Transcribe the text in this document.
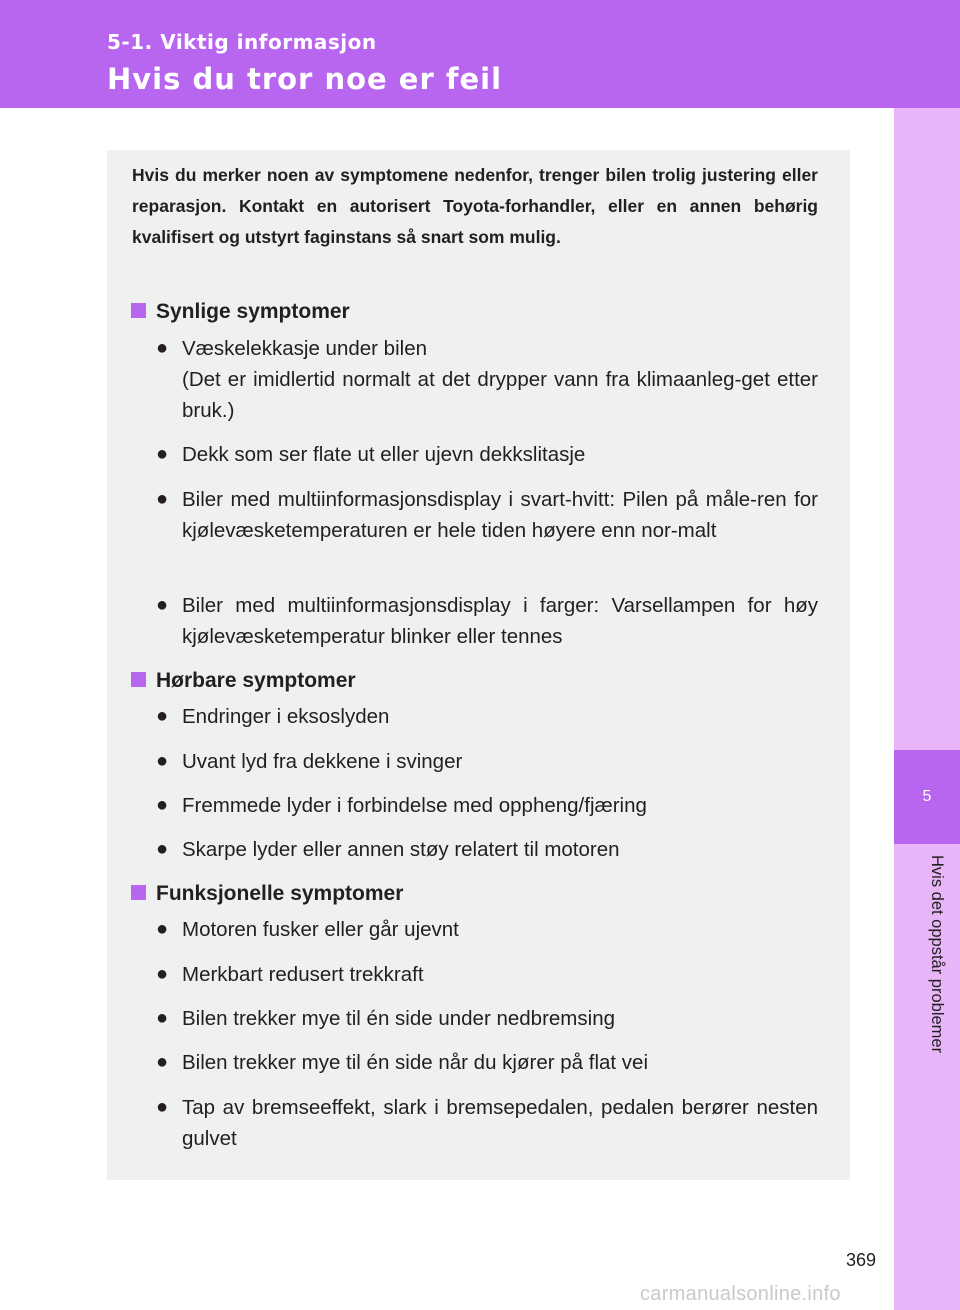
5-1. Viktig informasjon
Hvis du tror noe er feil
5
Hvis det oppstår problemer

Hvis du merker noen av symptomene nedenfor, trenger bilen trolig justering eller reparasjon. Kontakt en autorisert Toyota-forhandler, eller en annen behørig kvalifisert og utstyrt faginstans så snart som mulig.

Synlige symptomer
● Væskelekkasje under bilen
(Det er imidlertid normalt at det drypper vann fra klimaanleg-get etter bruk.)
● Dekk som ser flate ut eller ujevn dekkslitasje
● Biler med multiinformasjonsdisplay i svart-hvitt: Pilen på måle-ren for kjølevæsketemperaturen er hele tiden høyere enn nor-malt
● Biler med multiinformasjonsdisplay i farger: Varsellampen for høy kjølevæsketemperatur blinker eller tennes
Hørbare symptomer
● Endringer i eksoslyden
● Uvant lyd fra dekkene i svinger
● Fremmede lyder i forbindelse med oppheng/fjæring
● Skarpe lyder eller annen støy relatert til motoren
Funksjonelle symptomer
● Motoren fusker eller går ujevnt
● Merkbart redusert trekkraft
● Bilen trekker mye til én side under nedbremsing
● Bilen trekker mye til én side når du kjører på flat vei
● Tap av bremseeffekt, slark i bremsepedalen, pedalen berører nesten gulvet
369
carmanualsonline.info
